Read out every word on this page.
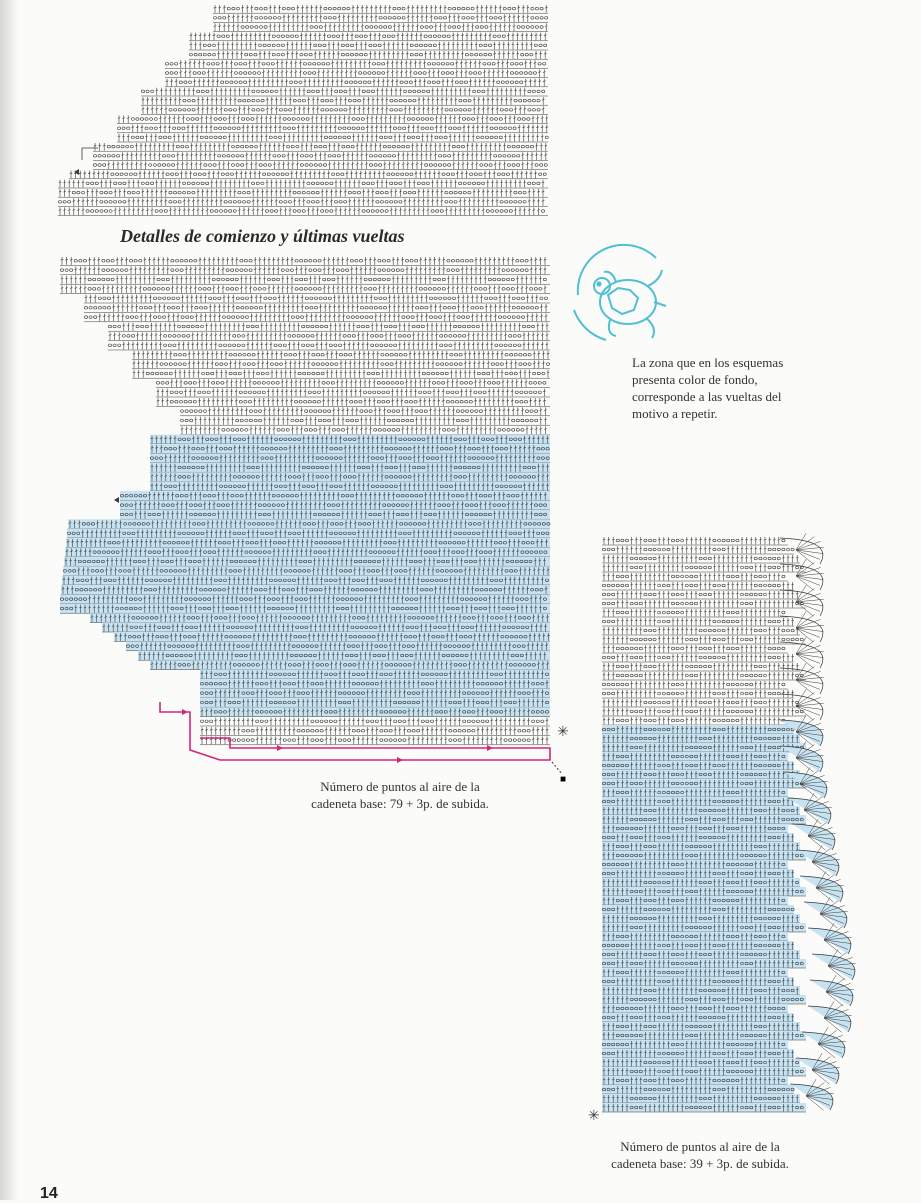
Detalles de comienzo y últimas vueltas
✳
■
La zona que en los esquemas
presenta color de fondo,
corresponde a las vueltas del
motivo a repetir.
Número de puntos al aire de la
cadeneta base: 79 + 3p. de subida.
✳
Número de puntos al aire de la
cadeneta base: 39 + 3p. de subida.
14
